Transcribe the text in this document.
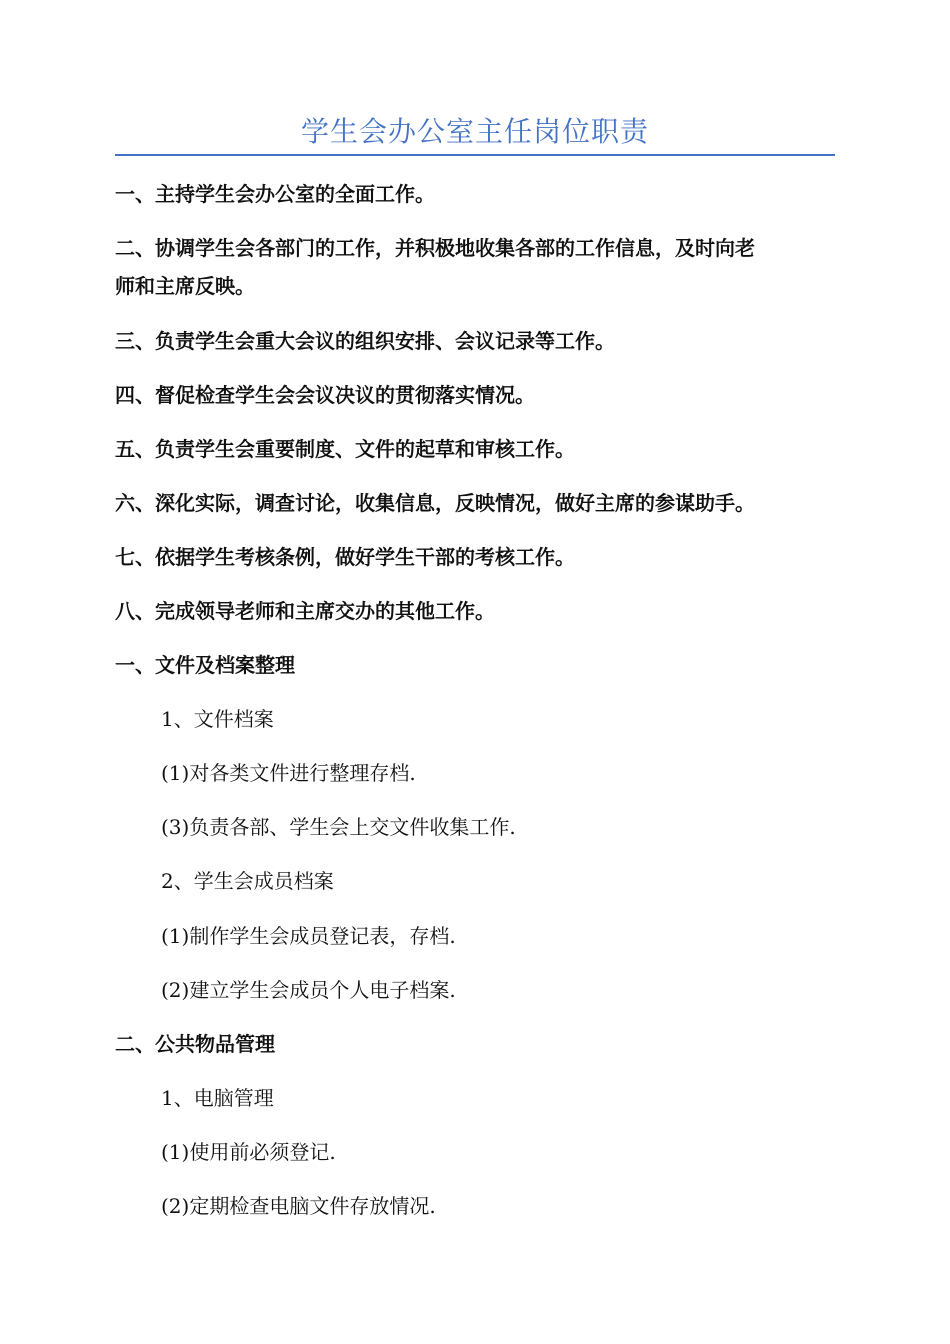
学生会办公室主任岗位职责
一、主持学生会办公室的全面工作。
二、协调学生会各部门的工作，并积极地收集各部的工作信息，及时向老
师和主席反映。
三、负责学生会重大会议的组织安排、会议记录等工作。
四、督促检查学生会会议决议的贯彻落实情况。
五、负责学生会重要制度、文件的起草和审核工作。
六、深化实际，调查讨论，收集信息，反映情况，做好主席的参谋助手。
七、依据学生考核条例，做好学生干部的考核工作。
八、完成领导老师和主席交办的其他工作。
一、文件及档案整理
1、文件档案
(1)对各类文件进行整理存档.
(3)负责各部、学生会上交文件收集工作.
2、学生会成员档案
(1)制作学生会成员登记表，存档.
(2)建立学生会成员个人电子档案.
二、公共物品管理
1、电脑管理
(1)使用前必须登记.
(2)定期检查电脑文件存放情况.
